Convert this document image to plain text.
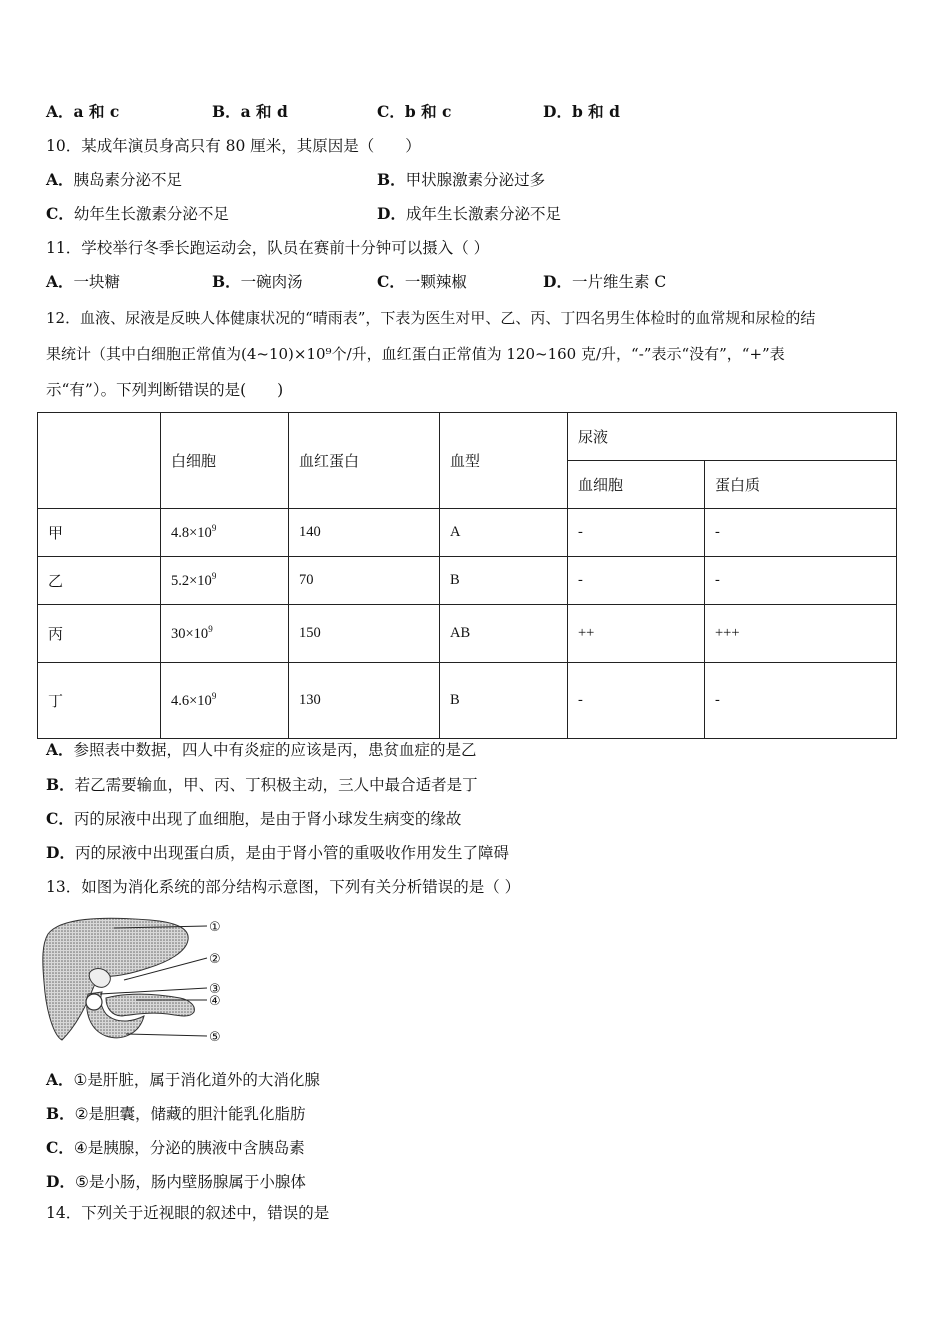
A．a 和 c	B．a 和 d	C．b 和 c	D．b 和 d
10．某成年演员身高只有 80 厘米，其原因是（　　）
A．胰岛素分泌不足	B．甲状腺激素分泌过多
C．幼年生长激素分泌不足	D．成年生长激素分泌不足
11．学校举行冬季长跑运动会，队员在赛前十分钟可以摄入（ ）
A．一块糖	B．一碗肉汤	C．一颗辣椒	D．一片维生素 C
12．血液、尿液是反映人体健康状况的“晴雨表”，下表为医生对甲、乙、丙、丁四名男生体检时的血常规和尿检的结
果统计（其中白细胞正常值为(4~10)×10⁹个/升，血红蛋白正常值为 120~160 克/升，“-”表示“没有”，“+”表
示“有”）。下列判断错误的是(　　)
	白细胞	血红蛋白	血型	尿液	
				血细胞	蛋白质
甲	$4.8\times 10^9$	140	A	-	-
乙	$5.2\times 10^9$	70	B	-	-
丙	$30\times 10^9$	150	AB	++	+++
丁	$4.6\times 10^9$	130	B	-	-
A．参照表中数据，四人中有炎症的应该是丙，患贫血症的是乙
B．若乙需要输血，甲、丙、丁积极主动，三人中最合适者是丁
C．丙的尿液中出现了血细胞，是由于肾小球发生病变的缘故
D．丙的尿液中出现蛋白质，是由于肾小管的重吸收作用发生了障碍
13．如图为消化系统的部分结构示意图，下列有关分析错误的是（ ）
①
②
③
④
⑤
A．①是肝脏，属于消化道外的大消化腺
B．②是胆囊，储藏的胆汁能乳化脂肪
C．④是胰腺，分泌的胰液中含胰岛素
D．⑤是小肠，肠内壁肠腺属于小腺体
14．下列关于近视眼的叙述中，错误的是
